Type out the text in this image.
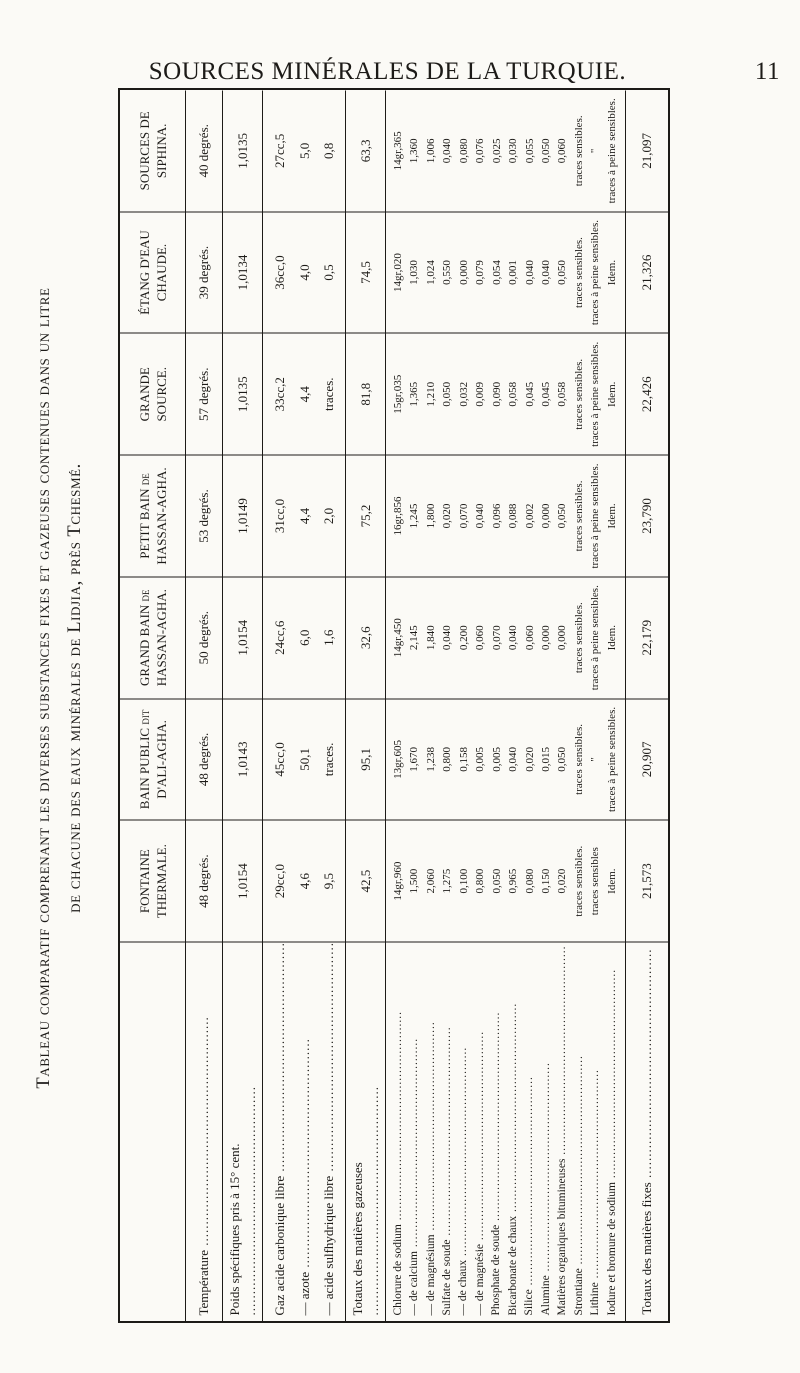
SOURCES MINÉRALES DE LA TURQUIE.	11
Tableau comparatif comprenant les diverses substances fixes et gazeuses contenues dans un litre de chacune des eaux minérales de Lidjia, près Tchesmé.	FONTAINE THERMALE.
BAIN PUBLIC dit D'ALI-AGHA.
GRAND BAIN de HASSAN-AGHA.
PETIT BAIN de HASSAN-AGHA.
GRANDE SOURCE.
ÉTANG D'EAU CHAUDE.
SOURCES DE SIPHINA.
Température .....
48 degrés.
48 degrés.
50 degrés.
53 degrés.
57 degrés.
39 degrés.
40 degrés.
Poids spécifiques pris à 15° cent. .....
1,0154
1,0143
1,0154
1,0149
1,0135
1,0134
1,0135
Gaz acide carbonique libre ..... — azote ..... — acide sulfhydrique libre .....
29cc,0 4,6 9,5
45cc,0 50,1 traces.
24cc,6 6,0 1,6
31cc,0 4,4 2,0
33cc,2 4,4 traces.
36cc,0 4,0 0,5
27cc,5 5,0 0,8
Totaux des matières gazeuses .....
42,5
95,1
32,6
75,2
81,8
74,5
63,3
Chlorure de sodium ..... — de calcium ..... — de magnésium ..... Sulfate de soude ..... — de chaux ..... — de magnésie ..... Phosphate de soude ..... Bicarbonate de chaux ..... Silice ..... Alumine ..... Matières organiques bitumineuses ..... Strontiane ..... Lithine ..... Iodure et bromure de sodium .....
14gr,960 1,500 2,060 1,275 0,100 0,800 0,050 0,965 0,080 0,150 0,020 traces sensibles. traces sensibles Idem.
13gr,605 1,670 1,238 0,800 0,158 0,005 0,005 0,040 0,020 0,015 0,050 traces sensibles. " traces à peine sensibles.
14gr,450 2,145 1,840 0,040 0,200 0,060 0,070 0,040 0,060 0,000 0,000 traces sensibles. traces à peine sensibles. Idem.
16gr,856 1,245 1,800 0,020 0,070 0,040 0,096 0,088 0,002 0,000 0,050 traces sensibles. traces à peine sensibles. Idem.
15gr,035 1,365 1,210 0,050 0,032 0,009 0,090 0,058 0,045 0,045 0,058 traces sensibles. traces à peine sensibles. Idem.
14gr,020 1,030 1,024 0,550 0,000 0,079 0,054 0,001 0,040 0,040 0,050 traces sensibles. traces à peine sensibles. Idem.
14gr,365 1,360 1,006 0,040 0,080 0,076 0,025 0,030 0,055 0,050 0,060 traces sensibles. " traces à peine sensibles.
Totaux des matières fixes .....
21,573
20,907
22,179
23,790
22,426
21,326
21,097
